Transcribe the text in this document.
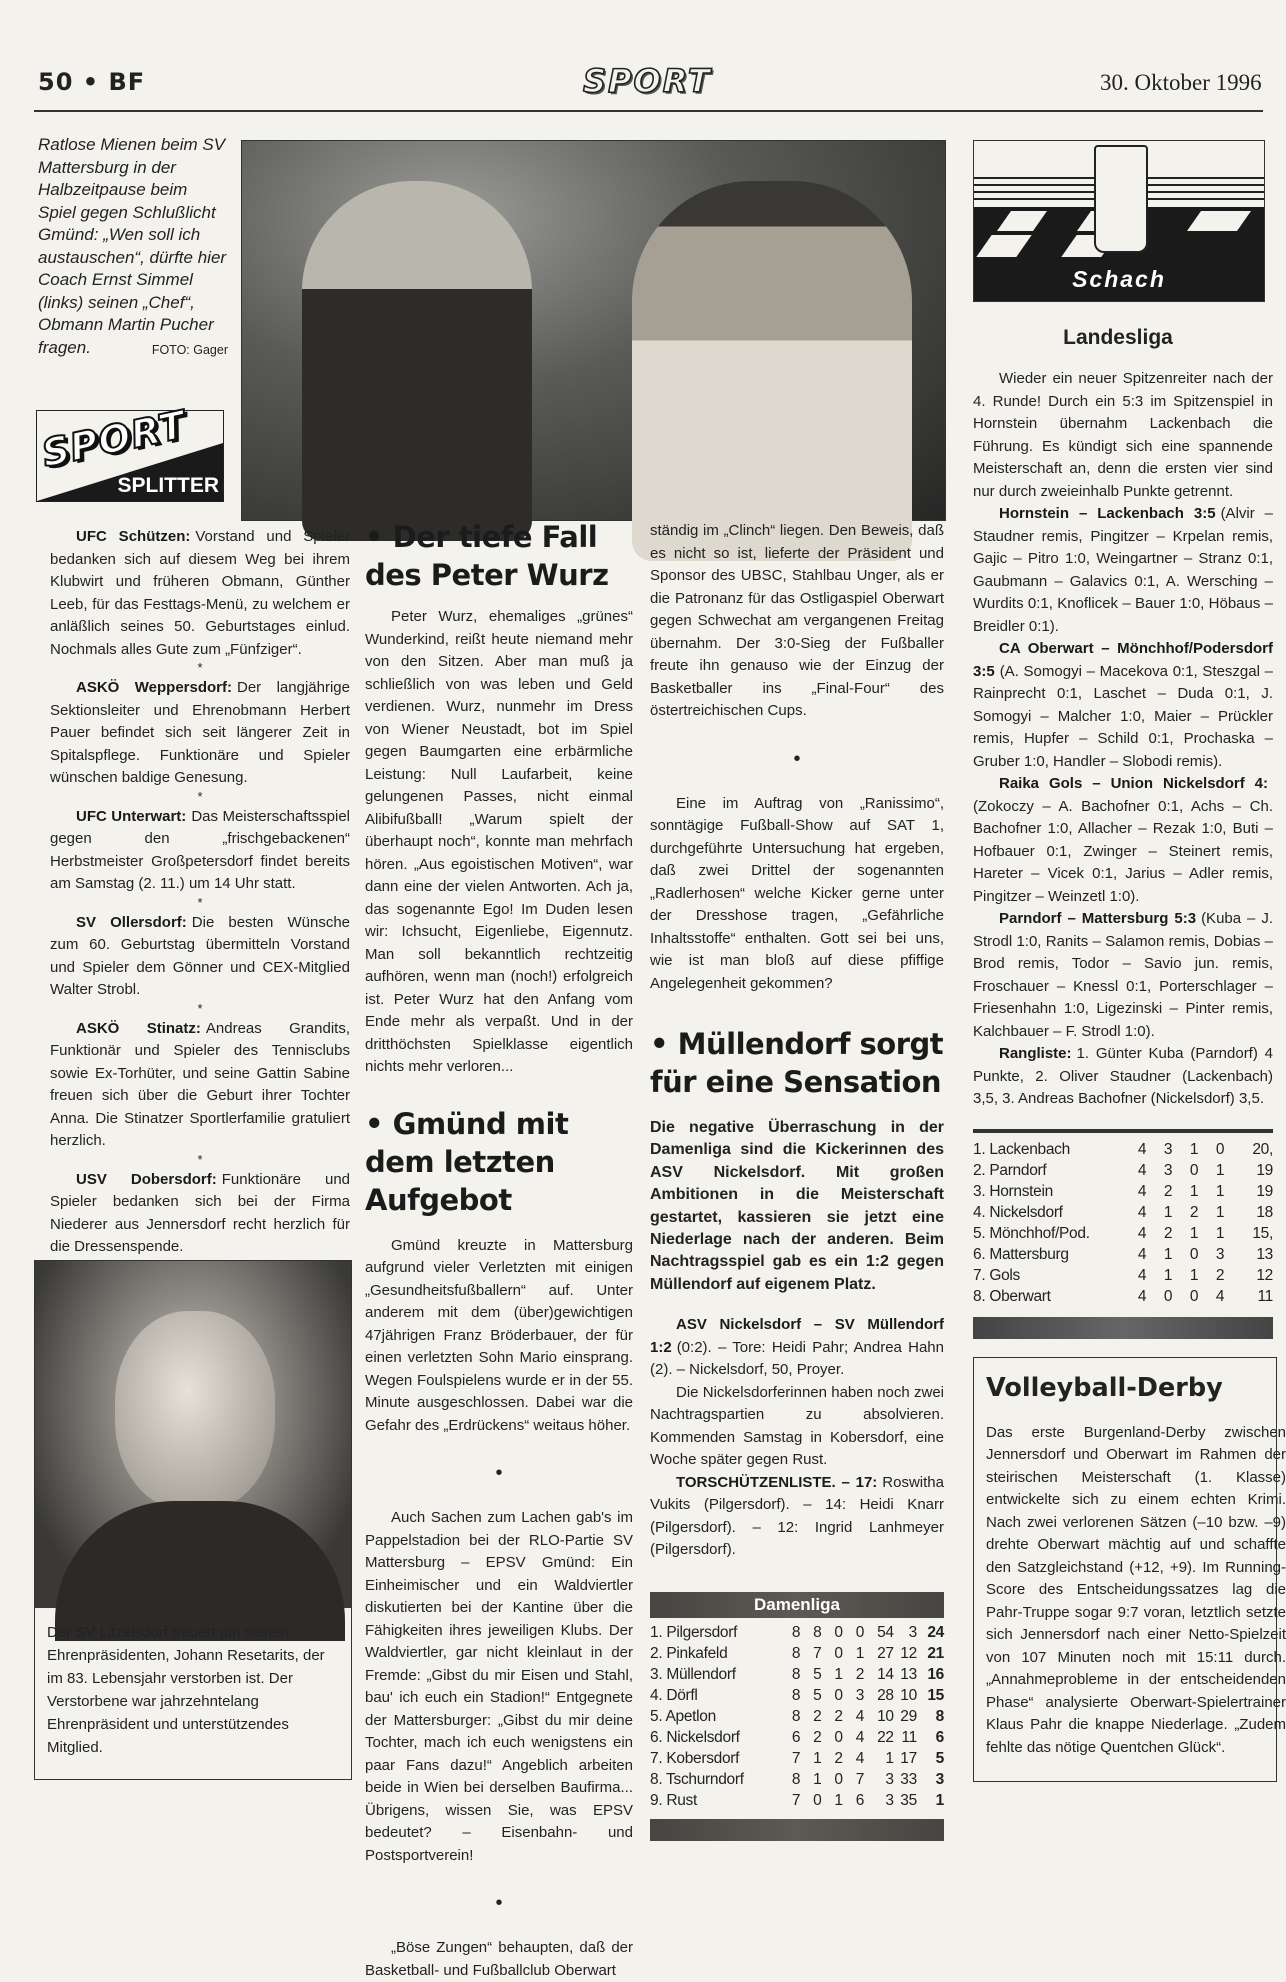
50 • BF	SPORT	30. Oktober 1996
Ratlose Mienen beim SV Mattersburg in der Halbzeitpause beim Spiel gegen Schlußlicht Gmünd: „Wen soll ich austauschen“, dürfte hier Coach Ernst Simmel (links) seinen „Chef“, Obmann Martin Pucher fragen.	FOTO: Gager
SPORT
SPLITTER

UFC Schützen: Vorstand und Spieler bedanken sich auf diesem Weg bei ihrem Klubwirt und früheren Obmann, Günther Leeb, für das Festtags-Menü, zu welchem er anläßlich seines 50. Geburtstages einlud. Nochmals alles Gute zum „Fünfziger“.

*

ASKÖ Weppersdorf: Der langjährige Sektionsleiter und Ehrenobmann Herbert Pauer befindet sich seit längerer Zeit in Spitalspflege. Funktionäre und Spieler wünschen baldige Genesung.

*

UFC Unterwart: Das Meisterschaftsspiel gegen den „frischgebackenen“ Herbstmeister Großpetersdorf findet bereits am Samstag (2. 11.) um 14 Uhr statt.

*

SV Ollersdorf: Die besten Wünsche zum 60. Geburtstag übermitteln Vorstand und Spieler dem Gönner und CEX-Mitglied Walter Strobl.

*

ASKÖ Stinatz: Andreas Grandits, Funktionär und Spieler des Tennisclubs sowie Ex-Torhüter, und seine Gattin Sabine freuen sich über die Geburt ihrer Tochter Anna. Die Stinatzer Sportlerfamilie gratuliert herzlich.

*

USV Dobersdorf: Funktionäre und Spieler bedanken sich bei der Firma Niederer aus Jennersdorf recht herzlich für die Dressenspende.

Der SV Litzelsdorf trauert um seinen Ehrenpräsidenten, Johann Resetarits, der im 83. Lebensjahr verstorben ist. Der Verstorbene war jahrzehntelang Ehrenpräsident und unterstützendes Mitglied.
• Der tiefe Fall des Peter Wurz

Peter Wurz, ehemaliges „grünes“ Wunderkind, reißt heute niemand mehr von den Sitzen. Aber man muß ja schließlich von was leben und Geld verdienen. Wurz, nunmehr im Dress von Wiener Neustadt, bot im Spiel gegen Baumgarten eine erbärmliche Leistung: Null Laufarbeit, keine gelungenen Passes, nicht einmal Alibifußball! „Warum spielt der überhaupt noch“, konnte man mehrfach hören. „Aus egoistischen Motiven“, war dann eine der vielen Antworten. Ach ja, das sogenannte Ego! Im Duden lesen wir: Ichsucht, Eigenliebe, Eigennutz. Man soll bekanntlich rechtzeitig aufhören, wenn man (noch!) erfolgreich ist. Peter Wurz hat den Anfang vom Ende mehr als verpaßt. Und in der dritthöchsten Spielklasse eigentlich nichts mehr verloren...

• Gmünd mit dem letzten Aufgebot

Gmünd kreuzte in Mattersburg aufgrund vieler Verletzten mit einigen „Gesundheitsfußballern“ auf. Unter anderem mit dem (über)gewichtigen 47jährigen Franz Bröderbauer, der für einen verletzten Sohn Mario einsprang. Wegen Foulspielens wurde er in der 55. Minute ausgeschlossen. Dabei war die Gefahr des „Erdrückens“ weitaus höher.

•

Auch Sachen zum Lachen gab's im Pappelstadion bei der RLO-Partie SV Mattersburg – EPSV Gmünd: Ein Einheimischer und ein Waldviertler diskutierten bei der Kantine über die Fähigkeiten ihres jeweiligen Klubs. Der Waldviertler, gar nicht kleinlaut in der Fremde: „Gibst du mir Eisen und Stahl, bau' ich euch ein Stadion!“ Entgegnete der Mattersburger: „Gibst du mir deine Tochter, mach ich euch wenigstens ein paar Fans dazu!“ Angeblich arbeiten beide in Wien bei derselben Baufirma... Übrigens, wissen Sie, was EPSV bedeutet? – Eisenbahn- und Postsportverein!

•

„Böse Zungen“ behaupten, daß der Basketball- und Fußballclub Oberwart

ständig im „Clinch“ liegen. Den Beweis, daß es nicht so ist, lieferte der Präsident und Sponsor des UBSC, Stahlbau Unger, als er die Patronanz für das Ostligaspiel Oberwart gegen Schwechat am vergangenen Freitag übernahm. Der 3:0-Sieg der Fußballer freute ihn genauso wie der Einzug der Basketballer ins „Final-Four“ des östertreichischen Cups.

•

Eine im Auftrag von „Ranissimo“, sonntägige Fußball-Show auf SAT 1, durchgeführte Untersuchung hat ergeben, daß zwei Drittel der sogenannten „Radlerhosen“ welche Kicker gerne unter der Dresshose tragen, „Gefährliche Inhaltsstoffe“ enthalten. Gott sei bei uns, wie ist man bloß auf diese pfiffige Angelegenheit gekommen?

• Müllendorf sorgt für eine Sensation
Die negative Überraschung in der Damenliga sind die Kickerinnen des ASV Nickelsdorf. Mit großen Ambitionen in die Meisterschaft gestartet, kassieren sie jetzt eine Niederlage nach der anderen. Beim Nachtragsspiel gab es ein 1:2 gegen Müllendorf auf eigenem Platz.

ASV Nickelsdorf – SV Müllendorf 1:2 (0:2). – Tore: Heidi Pahr; Andrea Hahn (2). – Nickelsdorf, 50, Proyer.

Die Nickelsdorferinnen haben noch zwei Nachtragspartien zu absolvieren. Kommenden Samstag in Kobersdorf, eine Woche später gegen Rust.

TORSCHÜTZENLISTE. – 17: Roswitha Vukits (Pilgersdorf). – 14: Heidi Knarr (Pilgersdorf). – 12: Ingrid Lanhmeyer (Pilgersdorf).

Damenliga
1. Pilgersdorf	8 8 0 0 54 3 24
2. Pinkafeld	8 7 0 1 27 12 21
3. Müllendorf	8 5 1 2 14 13 16
4. Dörfl	8 5 0 3 28 10 15
5. Apetlon	8 2 2 4 10 29	8
6. Nickelsdorf	6 2 0 4 22 11	6
7. Kobersdorf	7 1 2 4	1 17	5
8. Tschurndorf	8 1 0 7	3 33	3
9. Rust	7 0 1 6	3 35	1
Schach
Landesliga

Wieder ein neuer Spitzenreiter nach der 4. Runde! Durch ein 5:3 im Spitzenspiel in Hornstein übernahm Lackenbach die Führung. Es kündigt sich eine spannende Meisterschaft an, denn die ersten vier sind nur durch zweieinhalb Punkte getrennt.

Hornstein – Lackenbach 3:5 (Alvir – Staudner remis, Pingitzer – Krpelan remis, Gajic – Pitro 1:0, Weingartner – Stranz 0:1, Gaubmann – Galavics 0:1, A. Wersching – Wurdits 0:1, Knoflicek – Bauer 1:0, Höbaus – Breidler 0:1).

CA Oberwart – Mönchhof/Podersdorf 3:5 (A. Somogyi – Macekova 0:1, Steszgal – Rainprecht 0:1, Laschet – Duda 0:1, J. Somogyi – Malcher 1:0, Maier – Prückler remis, Hupfer – Schild 0:1, Prochaska – Gruber 1:0, Handler – Slobodi remis).

Raika Gols – Union Nickelsdorf 4:(Zokoczy – A. Bachofner 0:1, Achs – Ch. Bachofner 1:0, Allacher – Rezak 1:0, Buti – Hofbauer 0:1, Zwinger – Steinert remis, Hareter – Vicek 0:1, Jarius – Adler remis, Pingitzer – Weinzetl 1:0).

Parndorf – Mattersburg 5:3 (Kuba – J. Strodl 1:0, Ranits – Salamon remis, Dobias – Brod remis, Todor – Savio jun. remis, Froschauer – Knessl 0:1, Porterschlager – Friesenhahn 1:0, Ligezinski – Pinter remis, Kalchbauer – F. Strodl 1:0).

Rangliste: 1. Günter Kuba (Parndorf) 4 Punkte, 2. Oliver Staudner (Lackenbach) 3,5, 3. Andreas Bachofner (Nickelsdorf) 3,5.

1. Lackenbach	4	3	1	0	20,
2. Parndorf	4	3	0	1	19
3. Hornstein	4	2	1	1	19
4. Nickelsdorf	4	1	2	1	18
5. Mönchhof/Pod.	4	2	1	1	15,
6. Mattersburg	4	1	0	3	13
7. Gols	4	1	1	2	12
8. Oberwart	4	0	0	4	11
Volleyball-Derby

Das erste Burgenland-Derby zwischen Jennersdorf und Oberwart im Rahmen der steirischen Meisterschaft (1. Klasse) entwickelte sich zu einem echten Krimi. Nach zwei verlorenen Sätzen (–10 bzw. –9) drehte Oberwart mächtig auf und schaffte den Satzgleichstand (+12, +9). Im Running-Score des Entscheidungssatzes lag die Pahr-Truppe sogar 9:7 voran, letztlich setzte sich Jennersdorf nach einer Netto-Spielzeit von 107 Minuten noch mit 15:11 durch. „Annahmeprobleme in der entscheidenden Phase“ analysierte Oberwart-Spielertrainer Klaus Pahr die knappe Niederlage. „Zudem fehlte das nötige Quentchen Glück“.
